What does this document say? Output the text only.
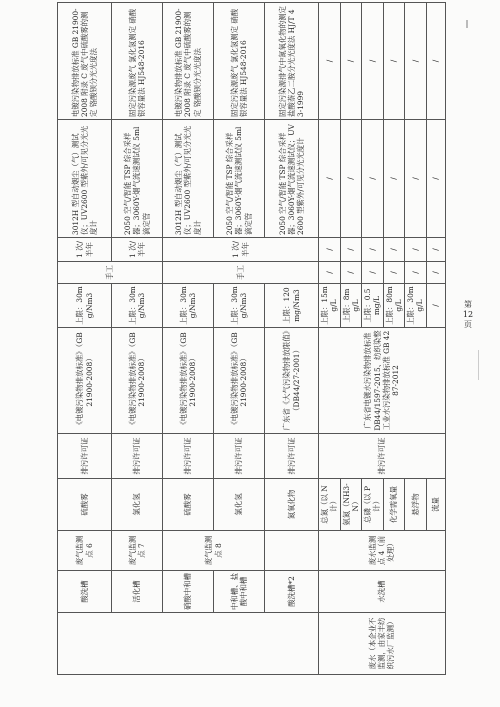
	酸洗槽	废气监测点 6	硫酸雾	排污许可证	《电镀污染物排放标准》（GB 21900-2008）	上限：30mg/Nm3	手工	1 次/半年	3012H 型自动烟尘（气）测试仪；UV2600 型紫外/可见分光光度计	电镀污染物排放标准 GB 21900-2008 附录 C 废气中硫酸雾的测定 铬酸钡分光光度法
	活化槽	废气监测点 7	氯化氢	排污许可证	《电镀污染物排放标准》（GB 21900-2008）	上限：30mg/Nm3		1 次/半年	2050 空气/智能 TSP 综合采样器；3060Y-烟气流速测试仪 5ml 滴定管	固定污染源废气 氯化氢测定 硝酸银容量法 HJ548-2016
	硝酸中和槽	废气监测点 8	硫酸雾	排污许可证	《电镀污染物排放标准》（GB 21900-2008）	上限：30mg/Nm3	手工	1 次/半年	3012H 型自动烟尘（气）测试仪；UV2600 型紫外/可见分光光度计	电镀污染物排放标准 GB 21900-2008 附录 C 废气中硫酸雾的测定 铬酸钡分光光度法
	中和槽、盐酸中和槽		氯化氢	排污许可证	《电镀污染物排放标准》（GB 21900-2008）	上限：30mg/Nm3			2050 空气/智能 TSP 综合采样器；3060Y-烟气流速测试仪 5ml 滴定管	固定污染源废气 氯化氢测定 硝酸银容量法 HJ548-2016
	酸洗槽*2		氮氧化物	排污许可证	广东省《大气污染物排放限值》（DB44/27-2001）	上限：120mg/Nm3			2050 空气/智能 TSP 综合采样器；3060Y-烟气流速测试仪；UV2600 型紫外/可见分光光度计	固定污染源排气中氮氧化物的测定 盐酸萘乙二胺分光光度法 HJ/T 43-1999
废水（本企业不监测，由家丰纺织污水厂监测）	水洗槽	废水监测点 4（前处理）	总氮（以 N 计）	排污许可证	广东省电镀水污染物排放标准 DB44/1597-2015、纺织染整工业水污染物排放标准 GB 4287-2012	上限：15mg/L	/	/	/	/
			氨氮（NH3-N）			上限：8mg/L	/	/	/	/
			总磷（以 P 计）			上限：0.5mg/L	/	/	/	/
			化学需氧量			上限：80mg/L	/	/	/	/
			悬浮物			上限：30mg/L	/	/	/	/
			流量			/	/	/	/	/
第 12 页
